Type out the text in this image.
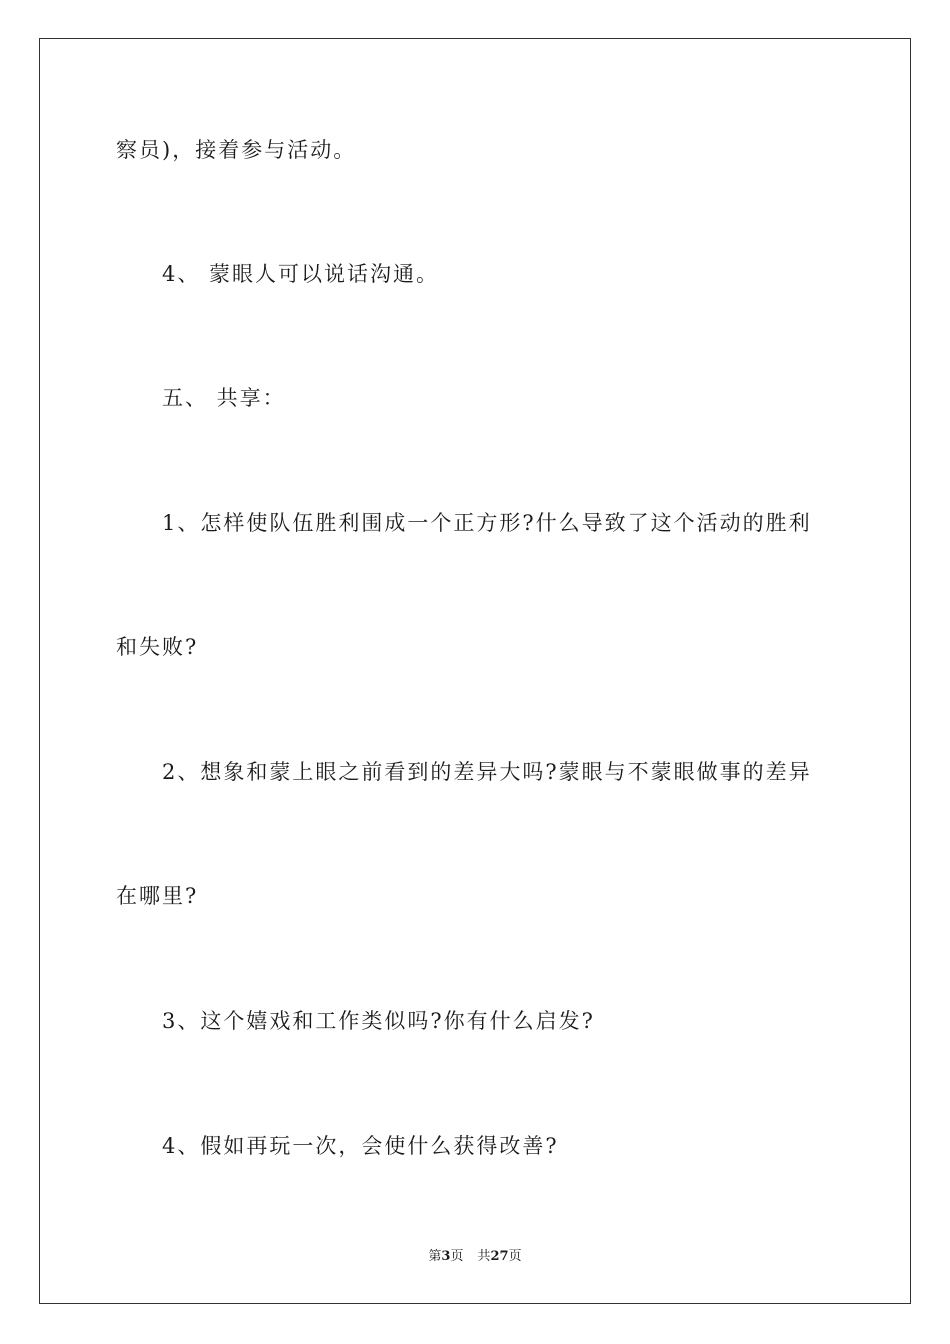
察员)，接着参与活动。
4、 蒙眼人可以说话沟通。
五、 共享：
1、怎样使队伍胜利围成一个正方形?什么导致了这个活动的胜利
和失败?
2、想象和蒙上眼之前看到的差异大吗?蒙眼与不蒙眼做事的差异
在哪里?
3、这个嬉戏和工作类似吗?你有什么启发?
4、假如再玩一次，会使什么获得改善?
第3页 共27页
